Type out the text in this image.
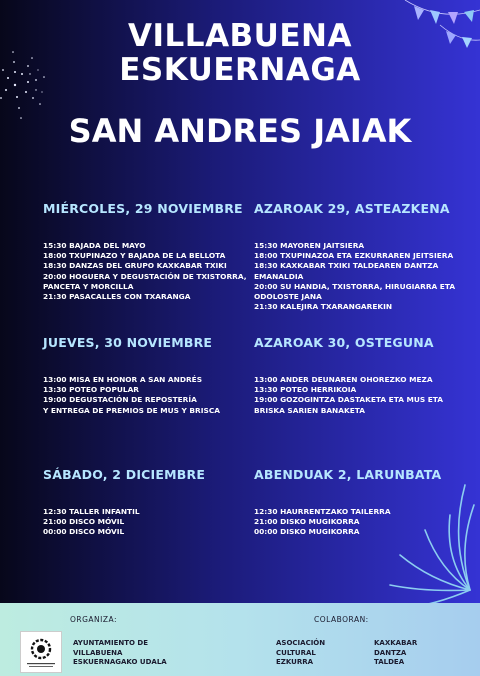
VILLABUENA
ESKUERNAGA
SAN ANDRES JAIAK
MIÉRCOLES, 29 NOVIEMBRE
15:30 BAJADA DEL MAYO
18:00 TXUPINAZO Y BAJADA DE LA BELLOTA
18:30 DANZAS DEL GRUPO KAXKABAR TXIKI
20:00 HOGUERA Y DEGUSTACIÓN DE TXISTORRA,
PANCETA Y MORCILLA
21:30 PASACALLES CON TXARANGA
JUEVES, 30 NOVIEMBRE
13:00 MISA EN HONOR A SAN ANDRÉS
13:30 POTEO POPULAR
19:00 DEGUSTACIÓN DE REPOSTERÍA
Y ENTREGA DE PREMIOS DE MUS Y BRISCA
SÁBADO, 2 DICIEMBRE
12:30 TALLER INFANTIL
21:00 DISCO MÓVIL
00:00 DISCO MÓVIL
AZAROAK 29, ASTEAZKENA
15:30 MAYOREN JAITSIERA
18:00 TXUPINAZOA ETA EZKURRAREN JEITSIERA
18:30 KAXKABAR TXIKI TALDEAREN DANTZA
EMANALDIA
20:00 SU HANDIA, TXISTORRA, HIRUGIARRA ETA
ODOLOSTE JANA
21:30 KALEJIRA TXARANGAREKIN
AZAROAK 30, OSTEGUNA
13:00 ANDER DEUNAREN OHOREZKO MEZA
13:30 POTEO HERRIKOIA
19:00 GOZOGINTZA DASTAKETA ETA MUS ETA
BRISKA SARIEN BANAKETA
ABENDUAK 2, LARUNBATA
12:30 HAURRENTZAKO TAILERRA
21:00 DISKO MUGIKORRA
00:00 DISKO MUGIKORRA
ORGANIZA:	COLABORAN:
AYUNTAMIENTO DE
VILLABUENA
ESKUERNAGAKO UDALA
ASOCIACIÓN
CULTURAL
EZKURRA
KAXKABAR
DANTZA
TALDEA
